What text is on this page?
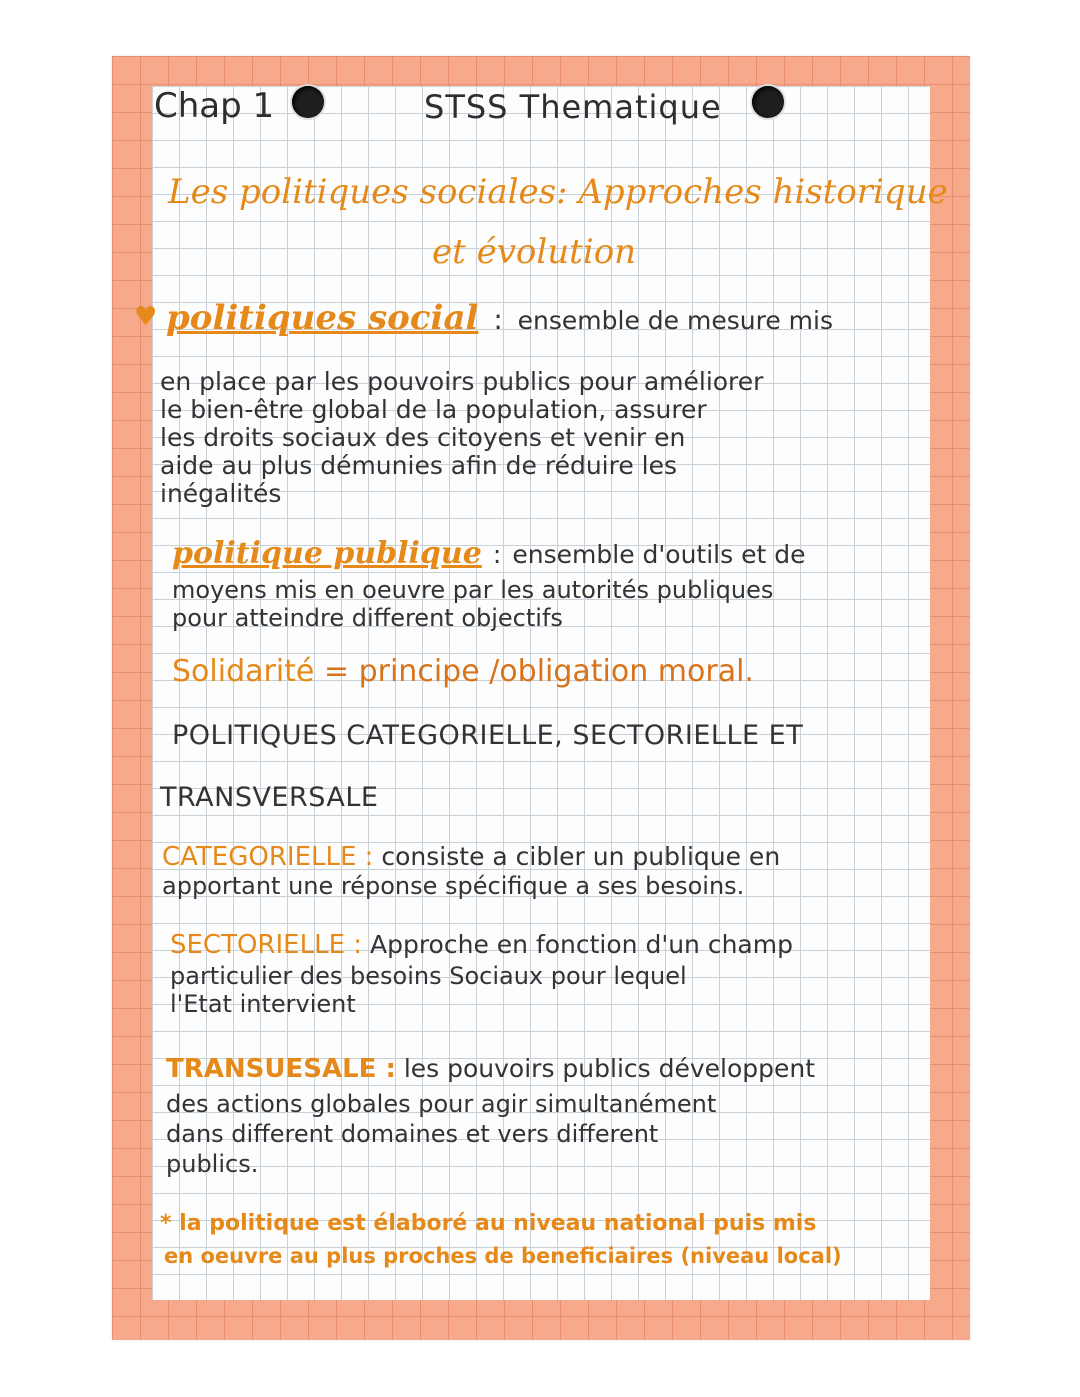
Chap 1	STSS Thematique
Les politiques sociales: Approches historique
et évolution
♥ politiques social : ensemble de mesure mis
en place par les pouvoirs publics pour améliorer
le bien-être global de la population, assurer
les droits sociaux des citoyens et venir en
aide au plus démunies afin de réduire les
inégalités
politique publique : ensemble d'outils et de
moyens mis en oeuvre par les autorités publiques
pour atteindre different objectifs
Solidarité = principe /obligation moral.
POLITIQUES CATEGORIELLE, SECTORIELLE ET
TRANSVERSALE
CATEGORIELLE : consiste a cibler un publique en
apportant une réponse spécifique a ses besoins.
SECTORIELLE : Approche en fonction d'un champ
particulier des besoins Sociaux pour lequel
l'Etat intervient
TRANSUESALE : les pouvoirs publics développent
des actions globales pour agir simultanément
dans different domaines et vers different
publics.
* la politique est élaboré au niveau national puis mis
en oeuvre au plus proches de beneficiaires (niveau local)
